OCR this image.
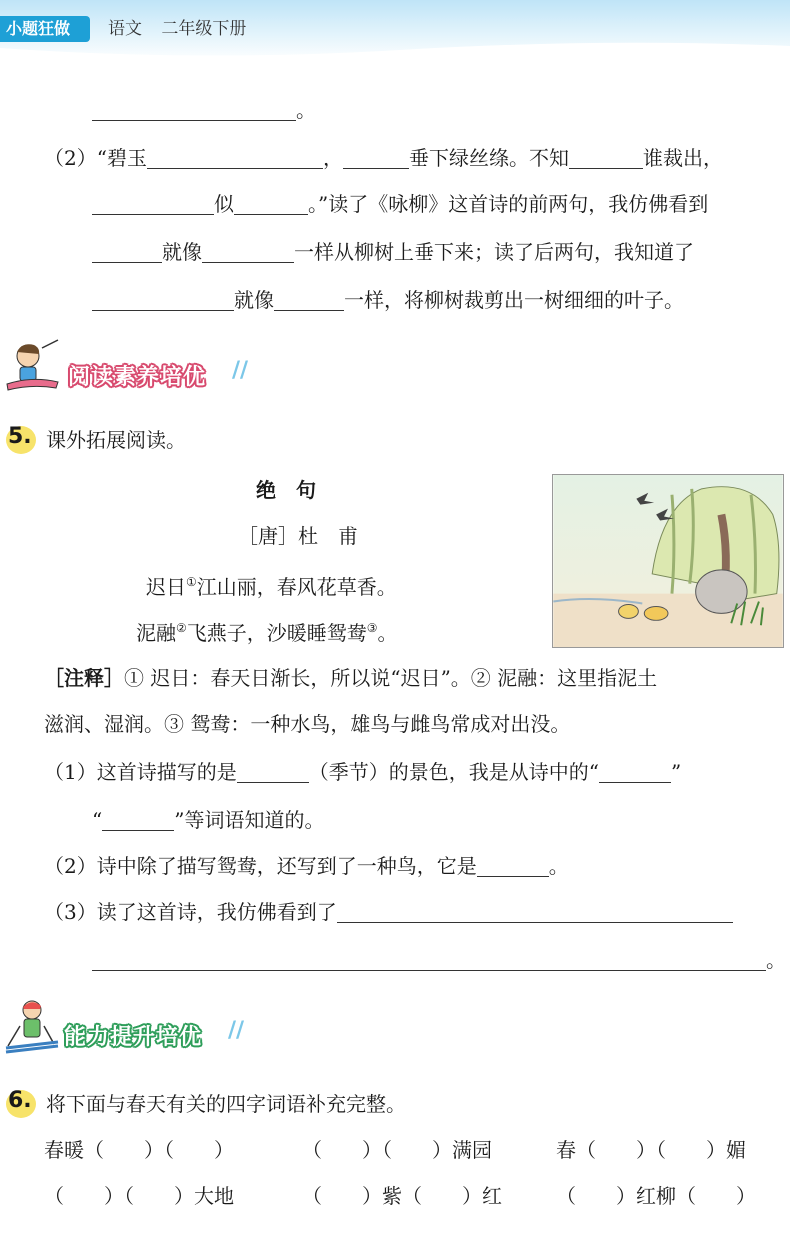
小题狂做	语文 二年级下册
。
（2）“碧玉	，	垂下绿丝绦。不知	谁裁出，
似	。”读了《咏柳》这首诗的前两句，我仿佛看到
就像	一样从柳树上垂下来；读了后两句，我知道了
就像	一样，将柳树裁剪出一树细细的叶子。
阅读素养培优 //
5. 课外拓展阅读。
绝　句
［唐］杜　甫
迟日①江山丽，春风花草香。
泥融②飞燕子，沙暖睡鸳鸯③。
［注释］① 迟日：春天日渐长，所以说“迟日”。② 泥融：这里指泥土
滋润、湿润。③ 鸳鸯：一种水鸟，雄鸟与雌鸟常成对出没。
（1）这首诗描写的是	（季节）的景色，我是从诗中的“	”
“	”等词语知道的。
（2）诗中除了描写鸳鸯，还写到了一种鸟，它是	。
（3）读了这首诗，我仿佛看到了
。
能力提升培优 //
6. 将下面与春天有关的四字词语补充完整。
春暖（　　）（　　）	（　　）（　　）满园	春（　　）（　　）媚
（　　）（　　）大地	（　　）紫（　　）红	（　　）红柳（　　）
